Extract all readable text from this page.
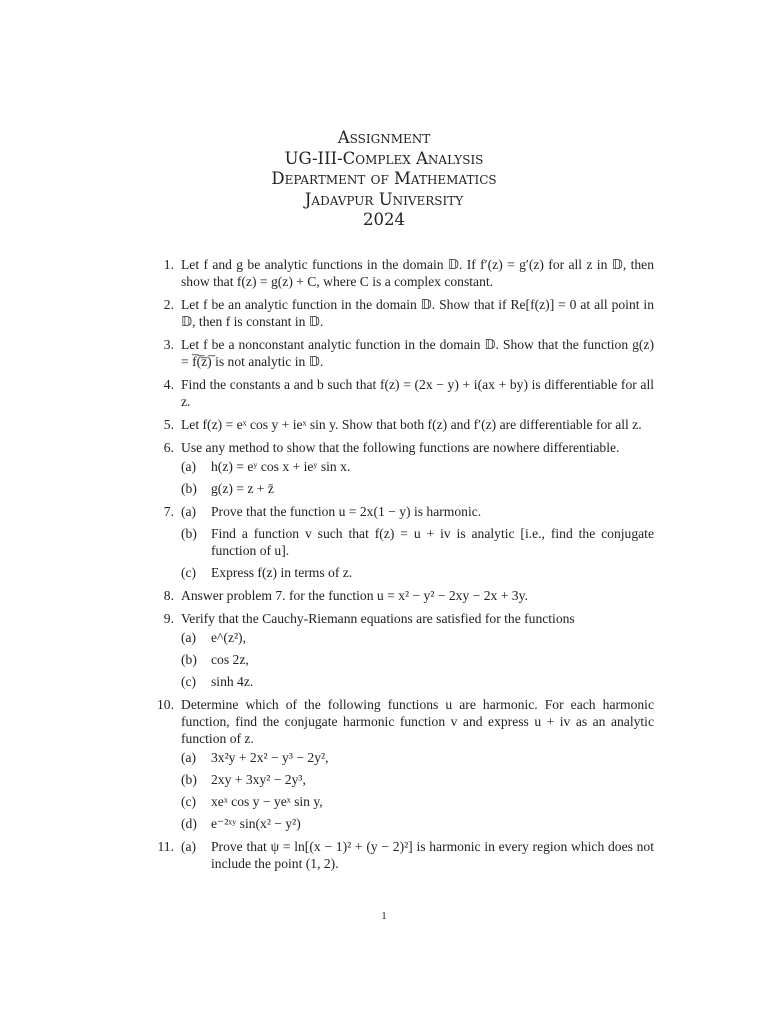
Assignment
UG-III-Complex Analysis
Department of Mathematics
Jadavpur University
2024
1. Let f and g be analytic functions in the domain 𝔻. If f′(z) = g′(z) for all z in 𝔻, then show that f(z) = g(z) + C, where C is a complex constant.
2. Let f be an analytic function in the domain 𝔻. Show that if Re[f(z)] = 0 at all point in 𝔻, then f is constant in 𝔻.
3. Let f be a nonconstant analytic function in the domain 𝔻. Show that the function g(z) = f̅(̅z̅)̅ is not analytic in 𝔻.
4. Find the constants a and b such that f(z) = (2x − y) + i(ax + by) is differentiable for all z.
5. Let f(z) = eˣ cos y + ieˣ sin y. Show that both f(z) and f′(z) are differentiable for all z.
6. Use any method to show that the following functions are nowhere differentiable.
(a)	h(z) = eʸ cos x + ieʸ sin x.
(b)	g(z) = z + z̄
7. (a)	Prove that the function u = 2x(1 − y) is harmonic.
(b)	Find a function v such that f(z) = u + iv is analytic [i.e., find the conjugate function of u].
(c)	Express f(z) in terms of z.
8. Answer problem 7. for the function u = x² − y² − 2xy − 2x + 3y.
9. Verify that the Cauchy-Riemann equations are satisfied for the functions
(a)	e^(z²),
(b)	cos 2z,
(c)	sinh 4z.
10. Determine which of the following functions u are harmonic. For each harmonic function, find the conjugate harmonic function v and express u + iv as an analytic function of z.
(a)	3x²y + 2x² − y³ − 2y²,
(b)	2xy + 3xy² − 2y³,
(c)	xeˣ cos y − yeˣ sin y,
(d)	e⁻²ˣʸ sin(x² − y²)
11. (a)	Prove that ψ = ln[(x − 1)² + (y − 2)²] is harmonic in every region which does not include the point (1, 2).
1
